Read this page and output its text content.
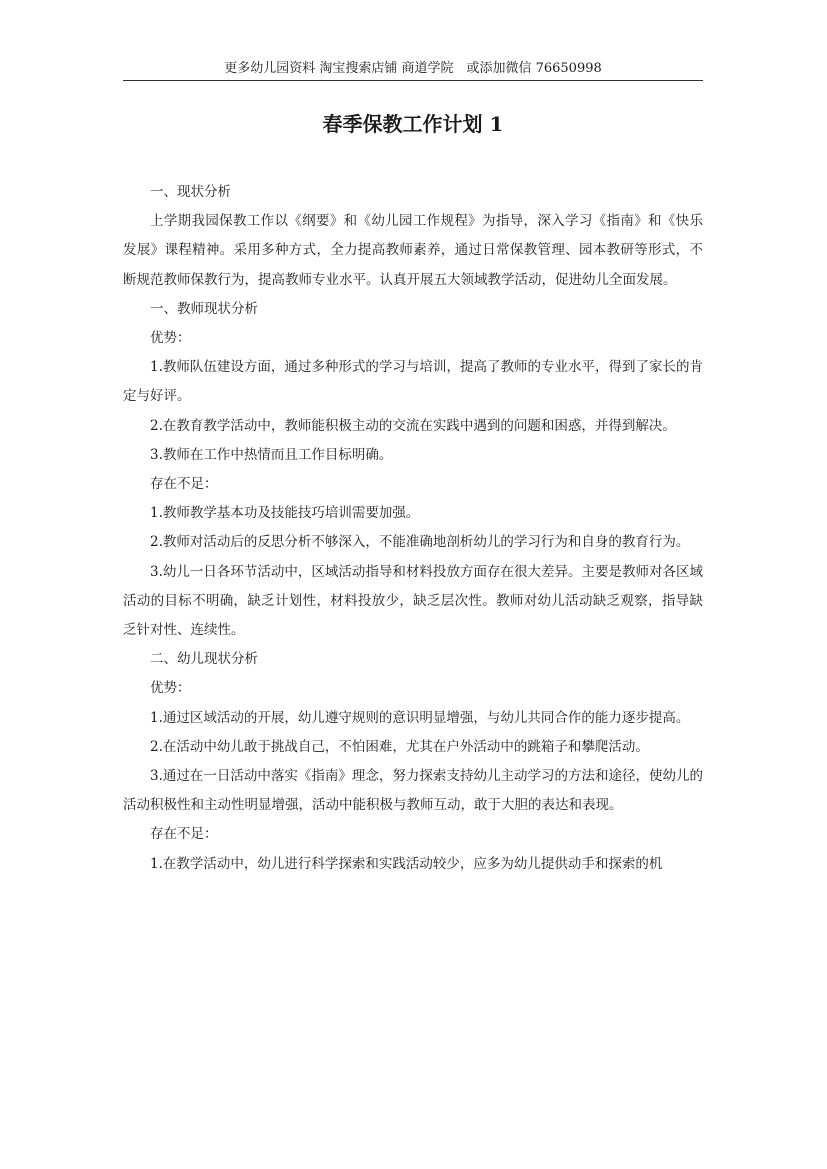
更多幼儿园资料 淘宝搜索店铺 商道学院　或添加微信 76650998
春季保教工作计划 1

一、现状分析

上学期我园保教工作以《纲要》和《幼儿园工作规程》为指导，深入学习《指南》和《快乐发展》课程精神。采用多种方式，全力提高教师素养，通过日常保教管理、园本教研等形式，不断规范教师保教行为，提高教师专业水平。认真开展五大领域教学活动，促进幼儿全面发展。

一、教师现状分析

优势：

1.教师队伍建设方面，通过多种形式的学习与培训，提高了教师的专业水平，得到了家长的肯定与好评。

2.在教育教学活动中，教师能积极主动的交流在实践中遇到的问题和困惑，并得到解决。

3.教师在工作中热情而且工作目标明确。

存在不足：

1.教师教学基本功及技能技巧培训需要加强。

2.教师对活动后的反思分析不够深入，不能准确地剖析幼儿的学习行为和自身的教育行为。

3.幼儿一日各环节活动中，区域活动指导和材料投放方面存在很大差异。主要是教师对各区域活动的目标不明确，缺乏计划性，材料投放少，缺乏层次性。教师对幼儿活动缺乏观察，指导缺乏针对性、连续性。

二、幼儿现状分析

优势：

1.通过区域活动的开展，幼儿遵守规则的意识明显增强，与幼儿共同合作的能力逐步提高。

2.在活动中幼儿敢于挑战自己，不怕困难，尤其在户外活动中的跳箱子和攀爬活动。

3.通过在一日活动中落实《指南》理念，努力探索支持幼儿主动学习的方法和途径，使幼儿的活动积极性和主动性明显增强，活动中能积极与教师互动，敢于大胆的表达和表现。

存在不足：

1.在教学活动中，幼儿进行科学探索和实践活动较少，应多为幼儿提供动手和探索的机
